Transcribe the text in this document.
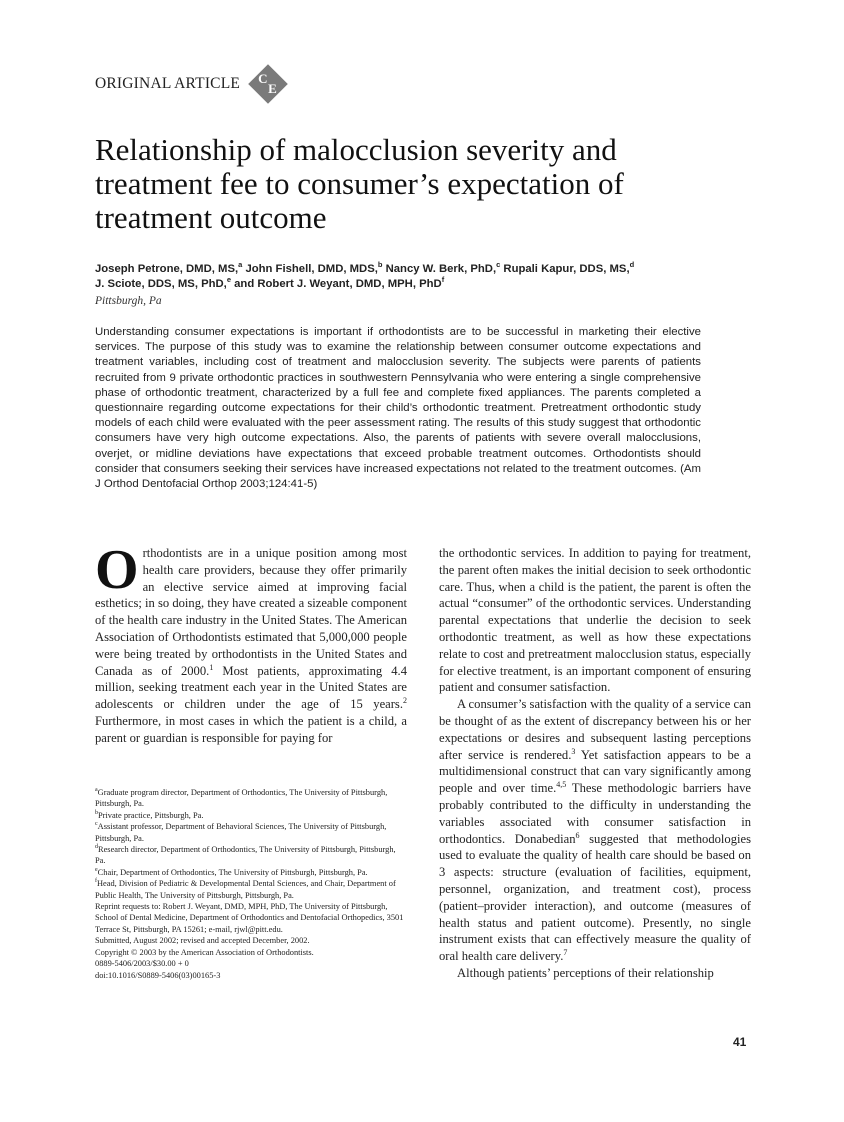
ORIGINAL ARTICLE C
E
Relationship of malocclusion severity and treatment fee to consumer’s expectation of treatment outcome
Joseph Petrone, DMD, MS,$^a$ John Fishell, DMD, MDS,$^b$ Nancy W. Berk, PhD,$^c$ Rupali Kapur, DDS, MS,$^d$
J. Sciote, DDS, MS, PhD,$^e$ and Robert J. Weyant, DMD, MPH, PhD$^f$
Pittsburgh, Pa
Understanding consumer expectations is important if orthodontists are to be successful in marketing their elective services. The purpose of this study was to examine the relationship between consumer outcome expectations and treatment variables, including cost of treatment and malocclusion severity. The subjects were parents of patients recruited from 9 private orthodontic practices in southwestern Pennsylvania who were entering a single comprehensive phase of orthodontic treatment, characterized by a full fee and complete fixed appliances. The parents completed a questionnaire regarding outcome expectations for their child’s orthodontic treatment. Pretreatment orthodontic study models of each child were evaluated with the peer assessment rating. The results of this study suggest that orthodontic consumers have very high outcome expectations. Also, the parents of patients with severe overall malocclusions, overjet, or midline deviations have expectations that exceed probable treatment outcomes. Orthodontists should consider that consumers seeking their services have increased expectations not related to the treatment outcomes. (Am J Orthod Dentofacial Orthop 2003;124:41-5)

Orthodontists are in a unique position among most health care providers, because they offer primarily an elective service aimed at improving facial esthetics; in so doing, they have created a sizeable component of the health care industry in the United States. The American Association of Orthodontists estimated that 5,000,000 people were being treated by orthodontists in the United States and Canada as of 2000.$^1$ Most patients, approximating 4.4 million, seeking treatment each year in the United States are adolescents or children under the age of 15 years.$^2$ Furthermore, in most cases in which the patient is a child, a parent or guardian is responsible for paying for

$^a$Graduate program director, Department of Orthodontics, The University of Pittsburgh, Pittsburgh, Pa.
$^b$Private practice, Pittsburgh, Pa.
$^c$Assistant professor, Department of Behavioral Sciences, The University of Pittsburgh, Pittsburgh, Pa.
$^d$Research director, Department of Orthodontics, The University of Pittsburgh, Pittsburgh, Pa.
$^e$Chair, Department of Orthodontics, The University of Pittsburgh, Pittsburgh, Pa.
$^f$Head, Division of Pediatric & Developmental Dental Sciences, and Chair, Department of Public Health, The University of Pittsburgh, Pittsburgh, Pa.
Reprint requests to: Robert J. Weyant, DMD, MPH, PhD, The University of Pittsburgh, School of Dental Medicine, Department of Orthodontics and Dentofacial Orthopedics, 3501 Terrace St, Pittsburgh, PA 15261; e-mail, rjwl@pitt.edu.
Submitted, August 2002; revised and accepted December, 2002.
Copyright © 2003 by the American Association of Orthodontists.
0889-5406/2003/$30.00 + 0
doi:10.1016/S0889-5406(03)00165-3

the orthodontic services. In addition to paying for treatment, the parent often makes the initial decision to seek orthodontic care. Thus, when a child is the patient, the parent is often the actual “consumer” of the orthodontic services. Understanding parental expectations that underlie the decision to seek orthodontic treatment, as well as how these expectations relate to cost and pretreatment malocclusion status, especially for elective treatment, is an important component of ensuring patient and consumer satisfaction.

A consumer’s satisfaction with the quality of a service can be thought of as the extent of discrepancy between his or her expectations or desires and subsequent lasting perceptions after service is rendered.$^3$ Yet satisfaction appears to be a multidimensional construct that can vary significantly among people and over time.$^{4,5}$ These methodologic barriers have probably contributed to the difficulty in understanding the variables associated with consumer satisfaction in orthodontics. Donabedian$^6$ suggested that methodologies used to evaluate the quality of health care should be based on 3 aspects: structure (evaluation of facilities, equipment, personnel, organization, and treatment cost), process (patient–provider interaction), and outcome (measures of health status and patient outcome). Presently, no single instrument exists that can effectively measure the quality of oral health care delivery.$^7$

Although patients’ perceptions of their relationship

41
